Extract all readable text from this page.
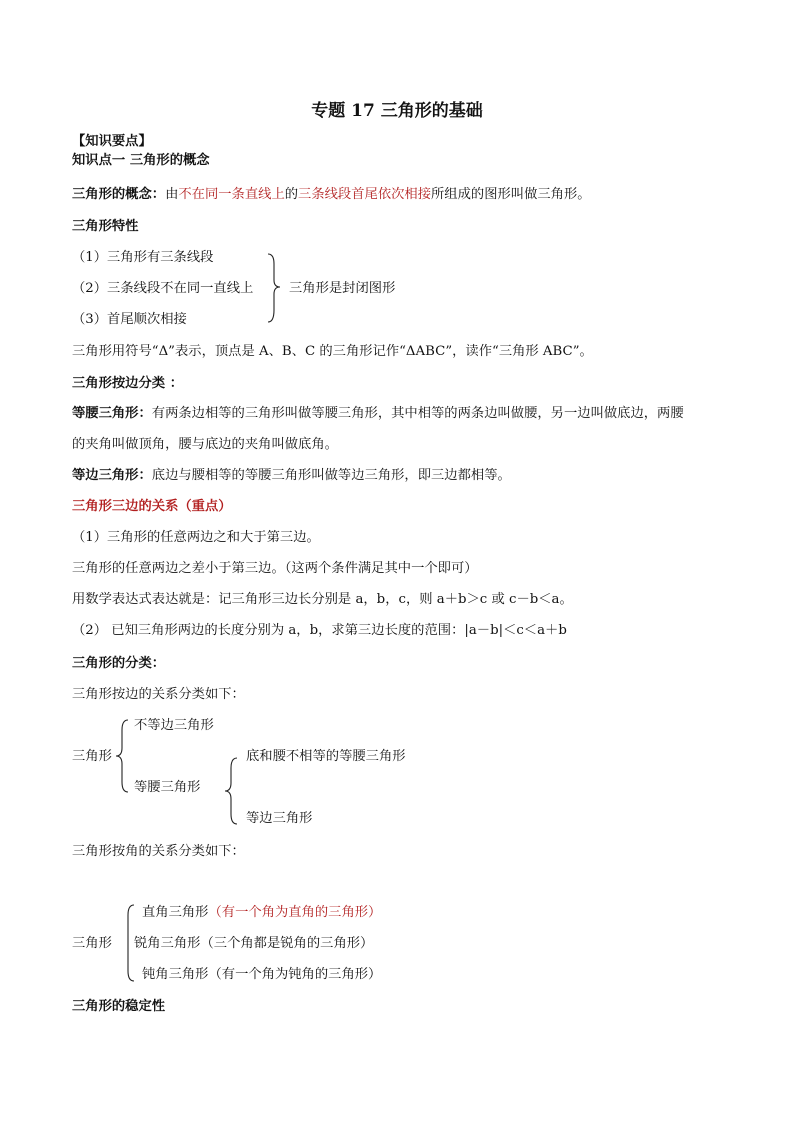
专题 17 三角形的基础
【知识要点】
知识点一 三角形的概念
三角形的概念：由不在同一条直线上的三条线段首尾依次相接所组成的图形叫做三角形。
三角形特性
（1）三角形有三条线段
（2）三条线段不在同一直线上
（3）首尾顺次相接
三角形是封闭图形
三角形用符号“Δ”表示，顶点是 A、B、C 的三角形记作“ΔABC”，读作“三角形 ABC”。
三角形按边分类 ：
等腰三角形：有两条边相等的三角形叫做等腰三角形，其中相等的两条边叫做腰，另一边叫做底边，两腰
的夹角叫做顶角，腰与底边的夹角叫做底角。
等边三角形：底边与腰相等的等腰三角形叫做等边三角形，即三边都相等。
三角形三边的关系（重点）
（1）三角形的任意两边之和大于第三边。
三角形的任意两边之差小于第三边。（这两个条件满足其中一个即可）
用数学表达式表达就是：记三角形三边长分别是 a，b，c，则 a＋b＞c 或 c－b＜a。
（2） 已知三角形两边的长度分别为 a，b，求第三边长度的范围：|a－b|＜c＜a＋b
三角形的分类：
三角形按边的关系分类如下：
三角形
不等边三角形
等腰三角形
底和腰不相等的等腰三角形
等边三角形
三角形按角的关系分类如下：
三角形
直角三角形（有一个角为直角的三角形）
锐角三角形（三个角都是锐角的三角形）
钝角三角形（有一个角为钝角的三角形）
三角形的稳定性
